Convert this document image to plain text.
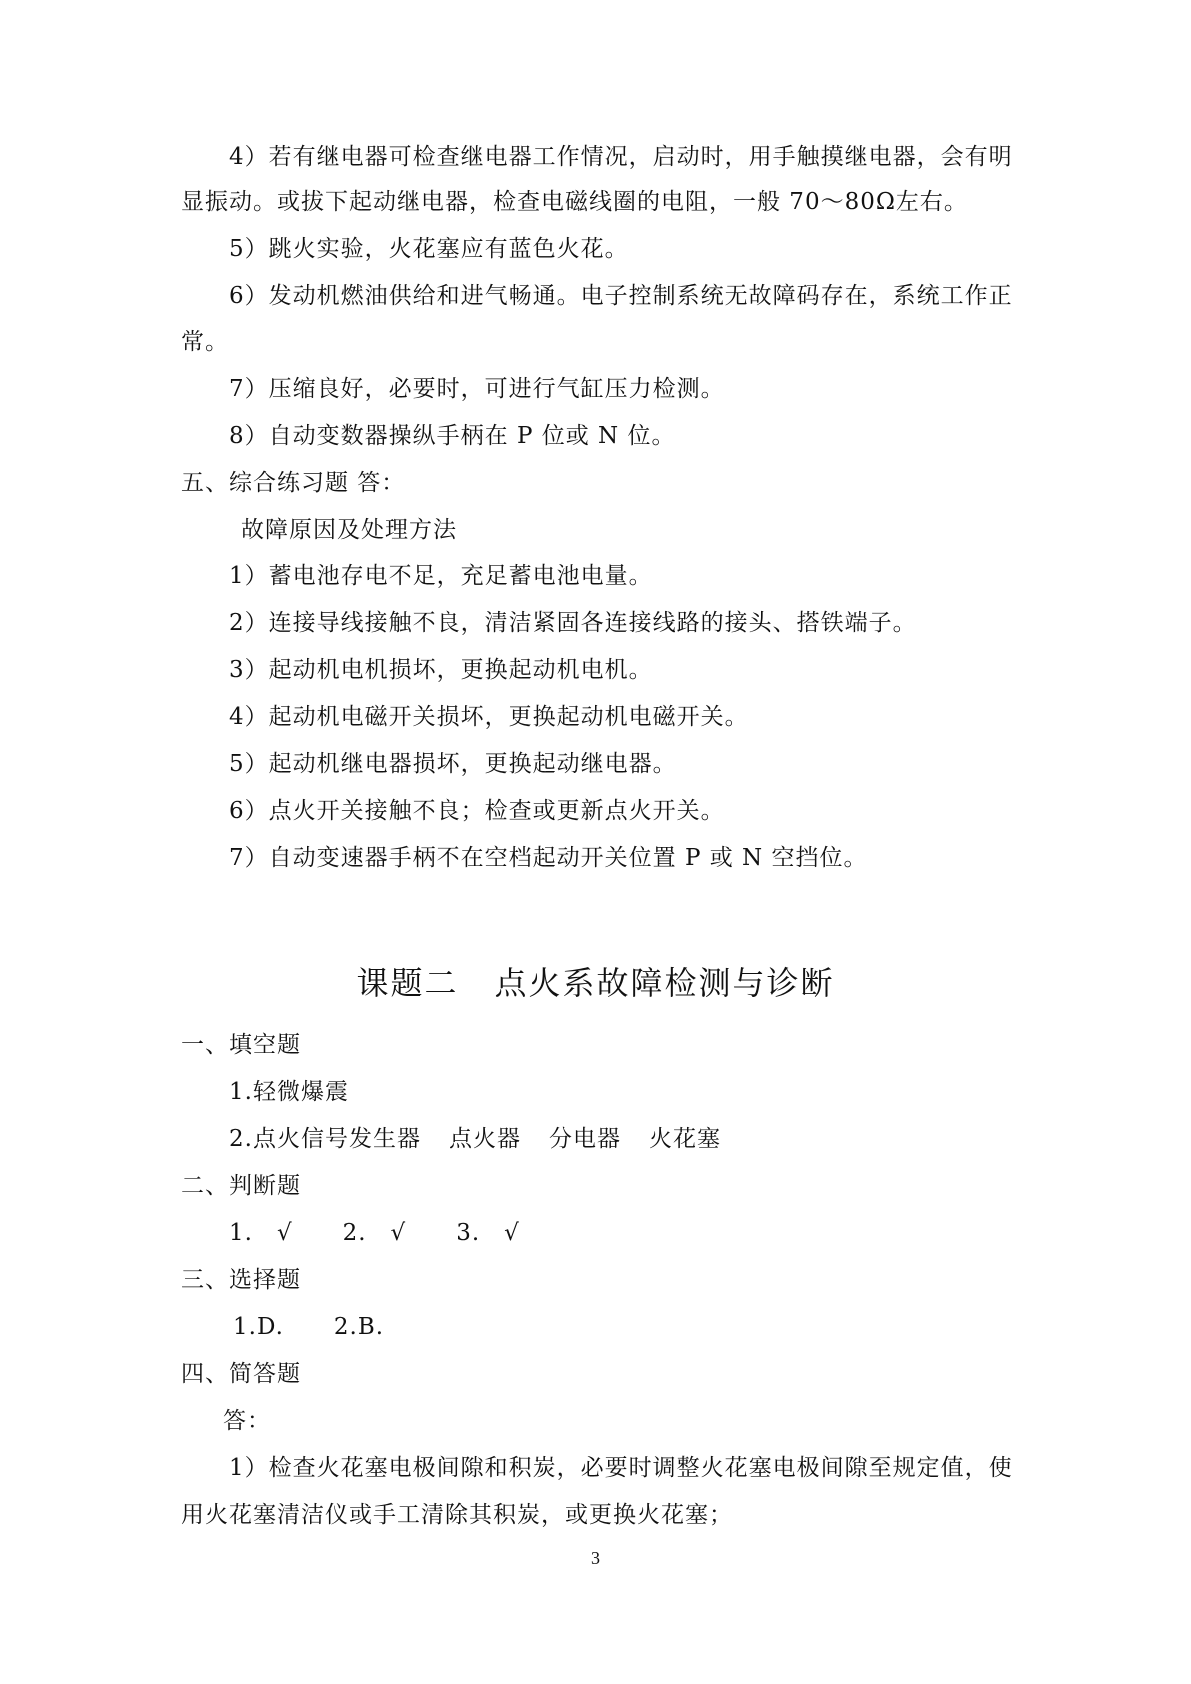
4）若有继电器可检查继电器工作情况，启动时，用手触摸继电器，会有明
显振动。或拔下起动继电器，检查电磁线圈的电阻，一般 70～80Ω左右。
5）跳火实验，火花塞应有蓝色火花。
6）发动机燃油供给和进气畅通。电子控制系统无故障码存在，系统工作正
常。
7）压缩良好，必要时，可进行气缸压力检测。
8）自动变数器操纵手柄在 P 位或 N 位。
五、综合练习题 答：
故障原因及处理方法
1）蓄电池存电不足，充足蓄电池电量。
2）连接导线接触不良，清洁紧固各连接线路的接头、搭铁端子。
3）起动机电机损坏，更换起动机电机。
4）起动机电磁开关损坏，更换起动机电磁开关。
5）起动机继电器损坏，更换起动继电器。
6）点火开关接触不良；检查或更新点火开关。
7）自动变速器手柄不在空档起动开关位置 P 或 N 空挡位。
课题二 点火系故障检测与诊断
一、填空题
1.轻微爆震
2.点火信号发生器 点火器 分电器 火花塞
二、判断题
1.　√ 2.　√ 3.　√
三、选择题
1.D. 2.B.
四、简答题
答：
1）检查火花塞电极间隙和积炭，必要时调整火花塞电极间隙至规定值，使
用火花塞清洁仪或手工清除其积炭，或更换火花塞；
3
